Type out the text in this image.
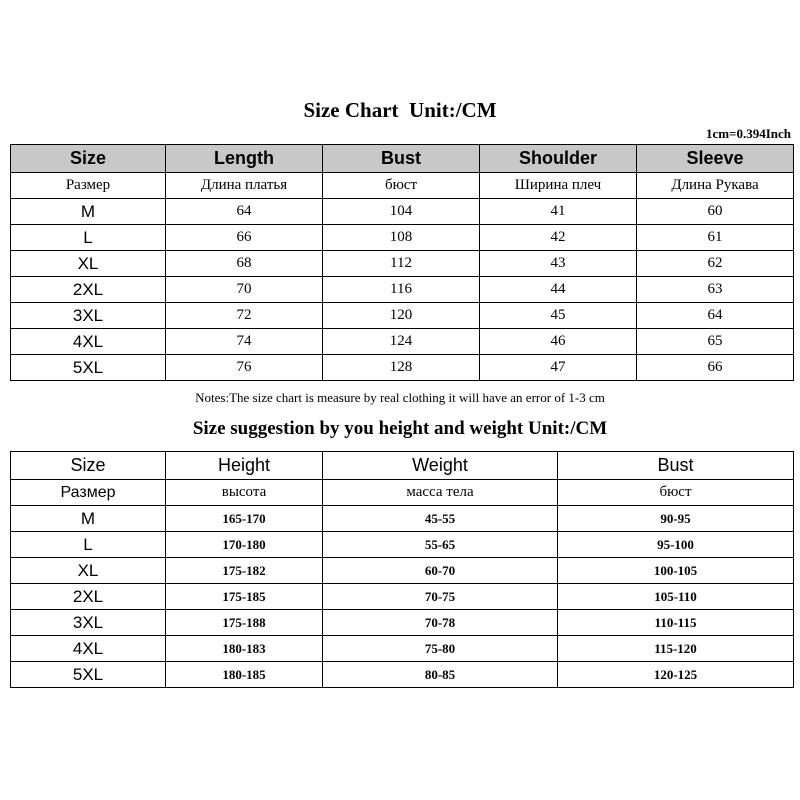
Size Chart  Unit:/CM
1cm=0.394Inch
Size	Length	Bust	Shoulder	Sleeve
Размер	Длина платья	бюст	Ширина плеч	Длина Рукава
M	64	104	41	60
L	66	108	42	61
XL	68	112	43	62
2XL	70	116	44	63
3XL	72	120	45	64
4XL	74	124	46	65
5XL	76	128	47	66
Notes:The size chart is measure by real clothing it will have an error of 1-3 cm
Size suggestion by you height and weight Unit:/CM
Size	Height	Weight	Bust
Размер	высота	масса тела	бюст
M	165-170	45-55	90-95
L	170-180	55-65	95-100
XL	175-182	60-70	100-105
2XL	175-185	70-75	105-110
3XL	175-188	70-78	110-115
4XL	180-183	75-80	115-120
5XL	180-185	80-85	120-125
